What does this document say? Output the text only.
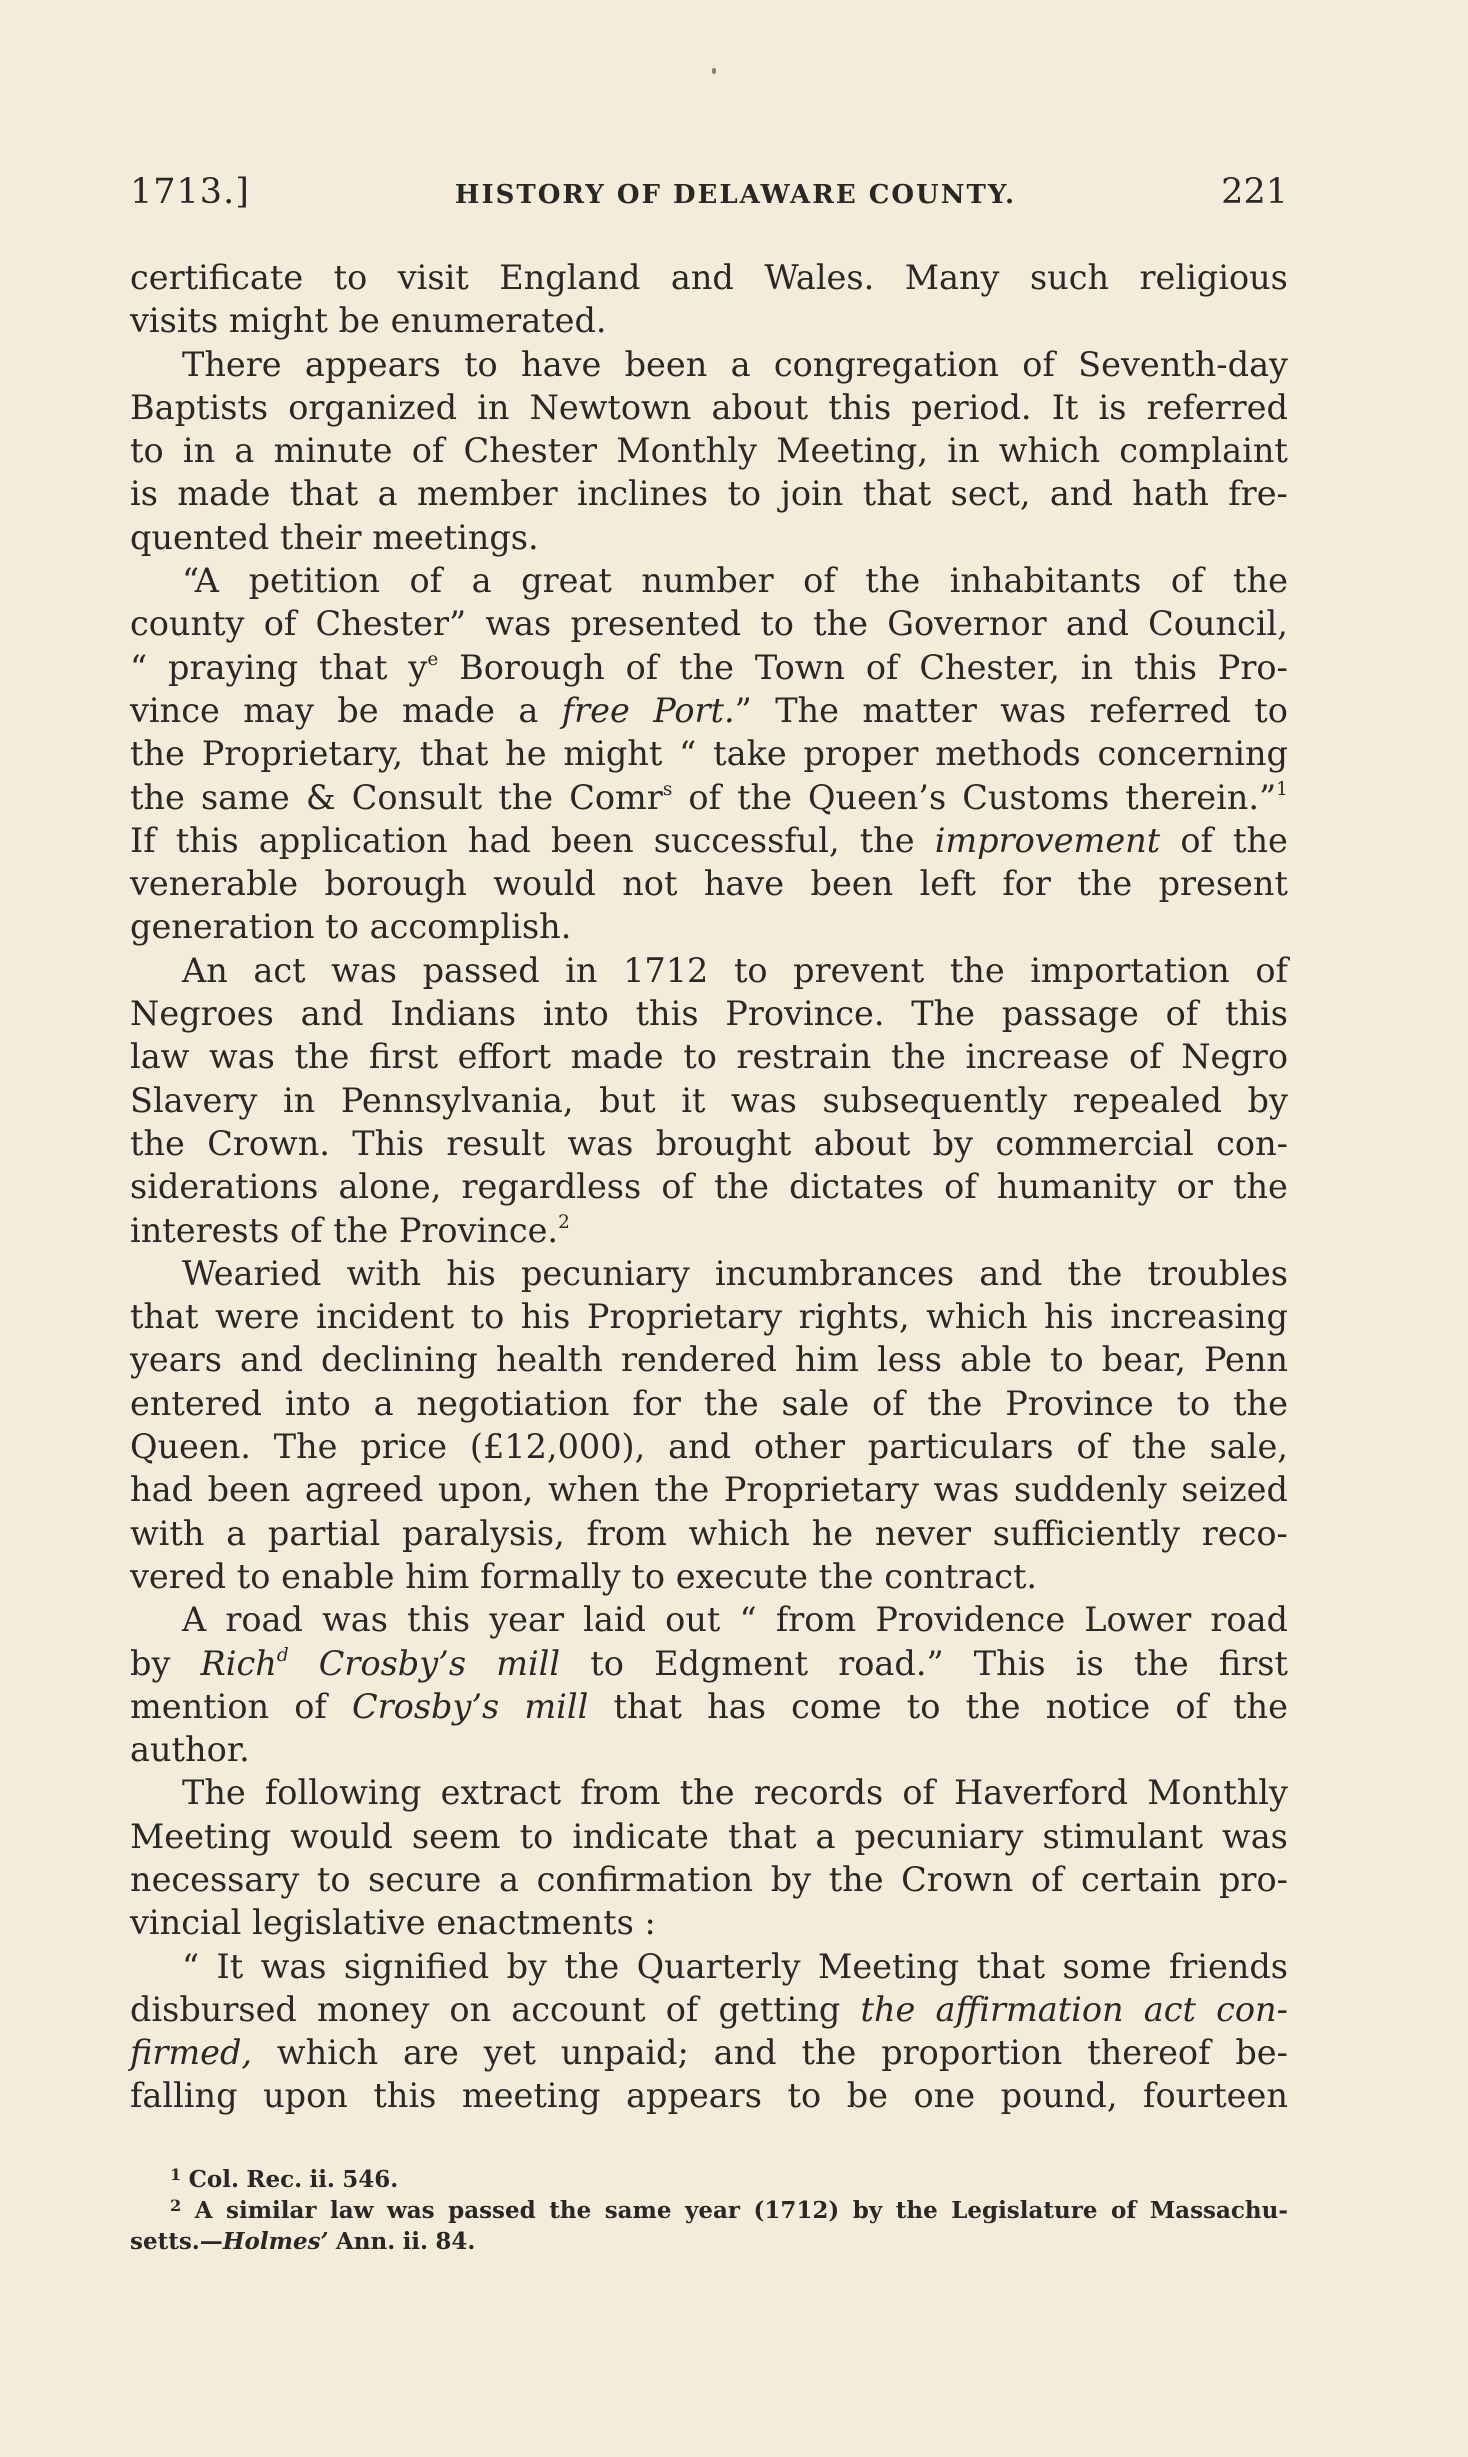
1713.]	HISTORY OF DELAWARE COUNTY.	221
certificate to visit England and Wales. Many such religious
visits might be enumerated.
There appears to have been a congregation of Seventh-day
Baptists organized in Newtown about this period. It is referred
to in a minute of Chester Monthly Meeting, in which complaint
is made that a member inclines to join that sect, and hath fre-
quented their meetings.
“A petition of a great number of the inhabitants of the
county of Chester” was presented to the Governor and Council,
“ praying that $y^e$ Borough of the Town of Chester, in this Pro-
vince may be made a free Port.” The matter was referred to
the Proprietary, that he might “ take proper methods concerning
the same & Consult the Comr$^s$ of the Queen’s Customs therein.”$^1$
If this application had been successful, the improvement of the
venerable borough would not have been left for the present
generation to accomplish.
An act was passed in 1712 to prevent the importation of
Negroes and Indians into this Province. The passage of this
law was the first effort made to restrain the increase of Negro
Slavery in Pennsylvania, but it was subsequently repealed by
the Crown. This result was brought about by commercial con-
siderations alone, regardless of the dictates of humanity or the
interests of the Province.$^2$
Wearied with his pecuniary incumbrances and the troubles
that were incident to his Proprietary rights, which his increasing
years and declining health rendered him less able to bear, Penn
entered into a negotiation for the sale of the Province to the
Queen. The price (£12,000), and other particulars of the sale,
had been agreed upon, when the Proprietary was suddenly seized
with a partial paralysis, from which he never sufficiently reco-
vered to enable him formally to execute the contract.
A road was this year laid out “ from Providence Lower road
by Rich$^d$ Crosby’s mill to Edgment road.” This is the first
mention of Crosby’s mill that has come to the notice of the
author.
The following extract from the records of Haverford Monthly
Meeting would seem to indicate that a pecuniary stimulant was
necessary to secure a confirmation by the Crown of certain pro-
vincial legislative enactments :
“ It was signified by the Quarterly Meeting that some friends
disbursed money on account of getting the affirmation act con-
firmed, which are yet unpaid; and the proportion thereof be-
falling upon this meeting appears to be one pound, fourteen
$^1$ Col. Rec. ii. 546.
$^2$ A similar law was passed the same year (1712) by the Legislature of Massachu-
setts.—Holmes’ Ann. ii. 84.
